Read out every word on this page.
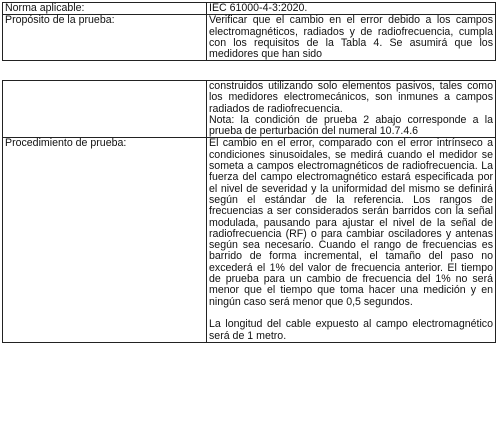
Norma aplicable:	IEC 61000-4-3:2020.
Propósito de la prueba:	Verificar que el cambio en el error debido a los campos electromagnéticos, radiados y de radiofrecuencia, cumpla con los requisitos de la Tabla 4. Se asumirá que los medidores que han sido

	construidos utilizando solo elementos pasivos, tales como los medidores electromecánicos, son inmunes a campos radiados de radiofrecuencia.

Nota: la condición de prueba 2 abajo corresponde a la prueba de perturbación del numeral 10.7.4.6

Procedimiento de prueba:	El cambio en el error, comparado con el error intrínseco a condiciones sinusoidales, se medirá cuando el medidor se someta a campos electromagnéticos de radiofrecuencia. La fuerza del campo electromagnético estará especificada por el nivel de severidad y la uniformidad del mismo se definirá según el estándar de la referencia. Los rangos de frecuencias a ser considerados serán barridos con la señal modulada, pausando para ajustar el nivel de la señal de radiofrecuencia (RF) o para cambiar osciladores y antenas según sea necesario. Cuando el rango de frecuencias es barrido de forma incremental, el tamaño del paso no excederá el 1% del valor de frecuencia anterior. El tiempo de prueba para un cambio de frecuencia del 1% no será menor que el tiempo que toma hacer una medición y en ningún caso será menor que 0,5 segundos.

La longitud del cable expuesto al campo electromagnético será de 1 metro.
